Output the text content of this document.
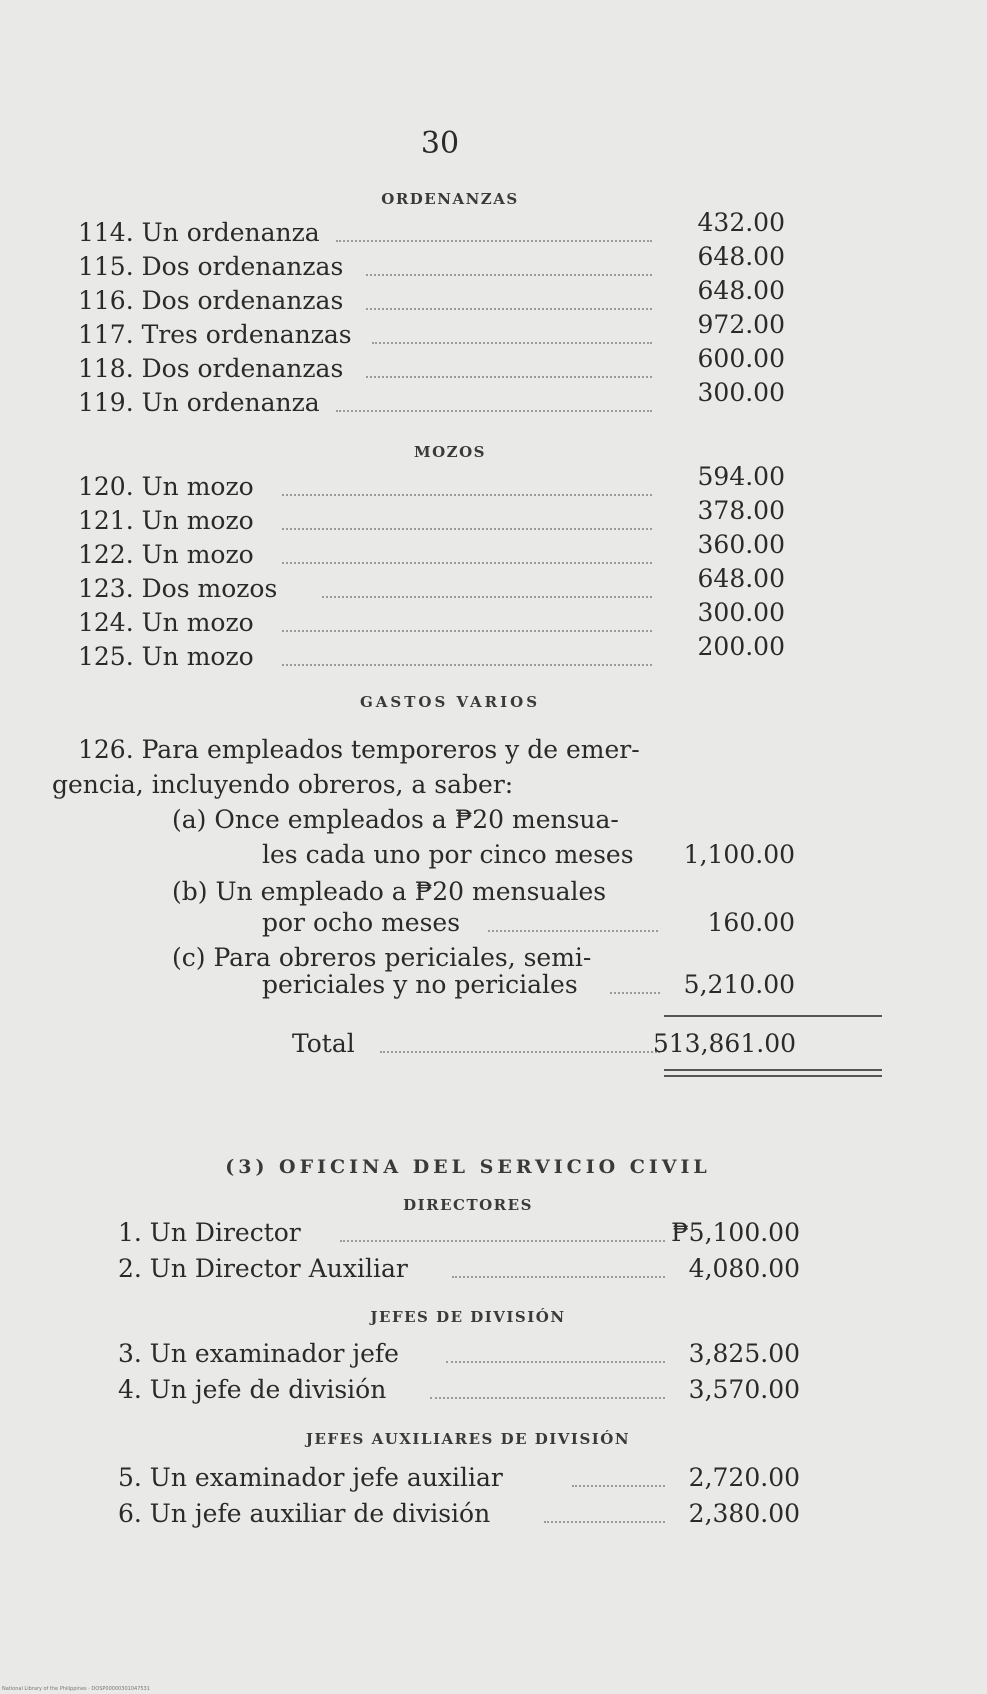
30
ORDENANZAS
114. Un ordenanza	432.00
115. Dos ordenanzas	648.00
116. Dos ordenanzas	648.00
117. Tres ordenanzas	972.00
118. Dos ordenanzas	600.00
119. Un ordenanza	300.00
MOZOS
120. Un mozo	594.00
121. Un mozo	378.00
122. Un mozo	360.00
123. Dos mozos	648.00
124. Un mozo	300.00
125. Un mozo	200.00
GASTOS VARIOS
126. Para empleados temporeros y de emer-
gencia, incluyendo obreros, a saber:
(a) Once empleados a ₱20 mensua-
les cada uno por cinco meses 1,100.00
(b) Un empleado a ₱20 mensuales
por ocho meses	160.00
(c) Para obreros periciales, semi-
periciales y no periciales	5,210.00
Total	513,861.00
(3) OFICINA DEL SERVICIO CIVIL
DIRECTORES
1. Un Director	₱5,100.00
2. Un Director Auxiliar	4,080.00
JEFES DE DIVISIÓN
3. Un examinador jefe	3,825.00
4. Un jefe de división	3,570.00
JEFES AUXILIARES DE DIVISIÓN
5. Un examinador jefe auxiliar	2,720.00
6. Un jefe auxiliar de división	2,380.00
National Library of the Philippines · DOSP00000301047531
